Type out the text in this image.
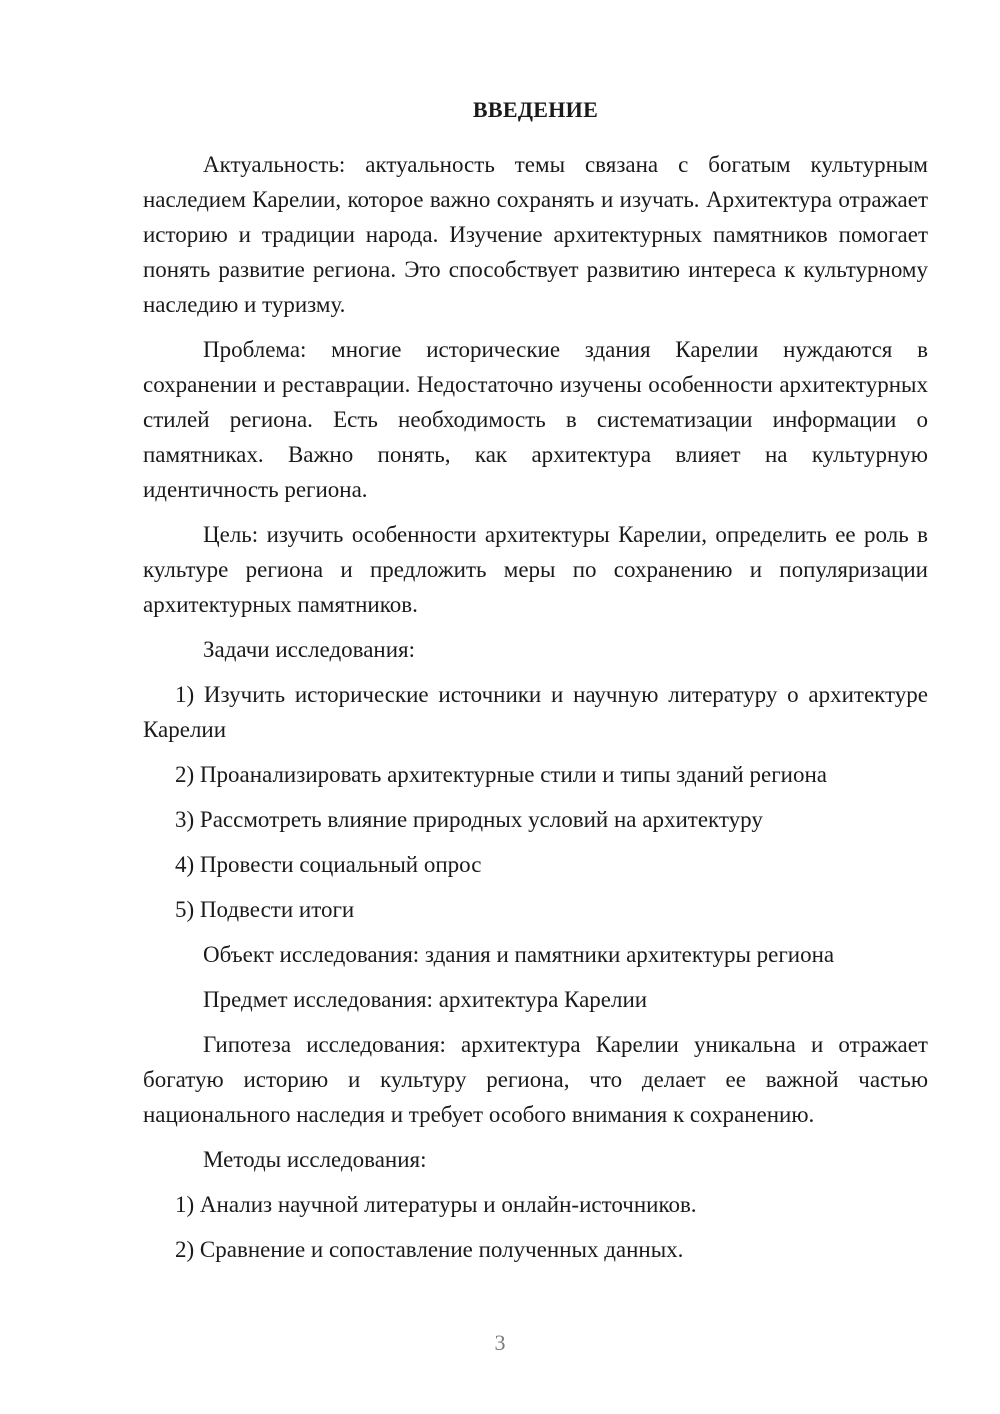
ВВЕДЕНИЕ

Актуальность: актуальность темы связана с богатым культурным наследием Карелии, которое важно сохранять и изучать. Архитектура отражает историю и традиции народа. Изучение архитектурных памятников помогает понять развитие региона. Это способствует развитию интереса к культурному наследию и туризму.

Проблема: многие исторические здания Карелии нуждаются в сохранении и реставрации. Недостаточно изучены особенности архитектурных стилей региона. Есть необходимость в систематизации информации о памятниках. Важно понять, как архитектура влияет на культурную идентичность региона.

Цель: изучить особенности архитектуры Карелии, определить ее роль в культуре региона и предложить меры по сохранению и популяризации архитектурных памятников.

Задачи исследования:

1) Изучить исторические источники и научную литературу о архитектуре Карелии

2) Проанализировать архитектурные стили и типы зданий региона

3) Рассмотреть влияние природных условий на архитектуру

4) Провести социальный опрос

5) Подвести итоги

Объект исследования: здания и памятники архитектуры региона

Предмет исследования: архитектура Карелии

Гипотеза исследования: архитектура Карелии уникальна и отражает богатую историю и культуру региона, что делает ее важной частью национального наследия и требует особого внимания к сохранению.

Методы исследования:

1) Анализ научной литературы и онлайн-источников.

2) Сравнение и сопоставление полученных данных.

3
